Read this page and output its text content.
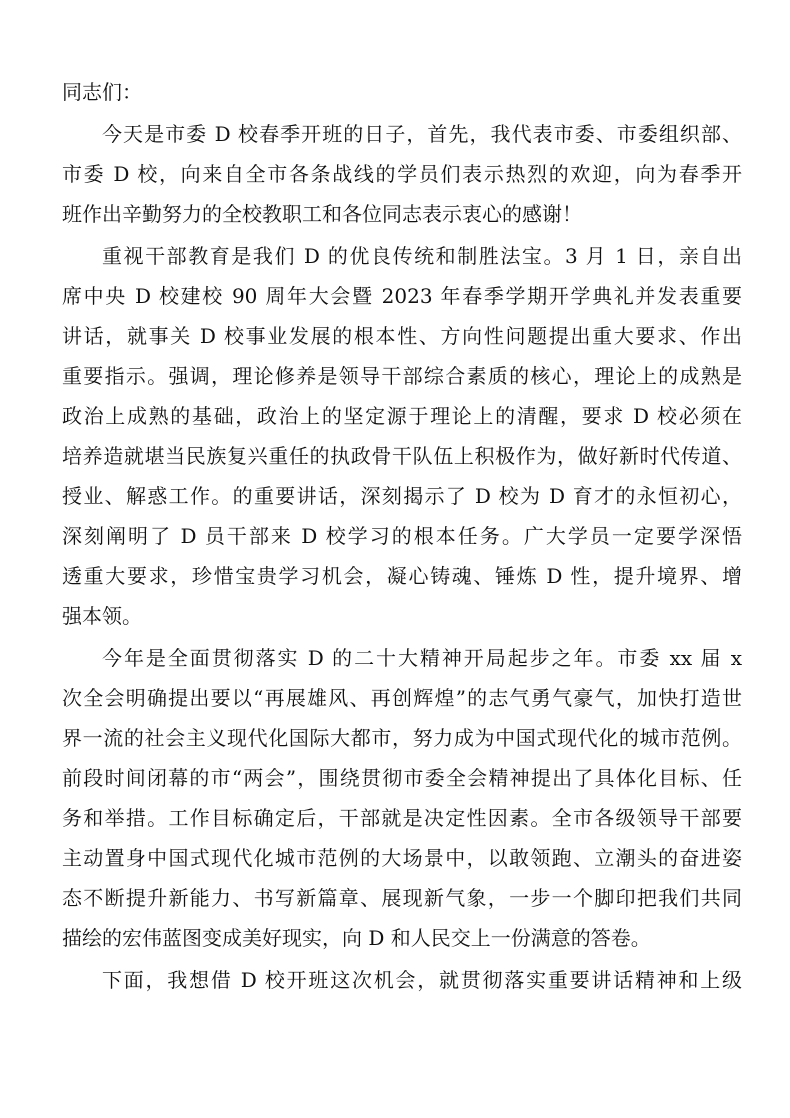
同志们：
今天是市委 D 校春季开班的日子，首先，我代表市委、市委组织部、
市委 D 校，向来自全市各条战线的学员们表示热烈的欢迎，向为春季开
班作出辛勤努力的全校教职工和各位同志表示衷心的感谢！
重视干部教育是我们 D 的优良传统和制胜法宝。3 月 1 日，亲自出
席中央 D 校建校 90 周年大会暨 2023 年春季学期开学典礼并发表重要
讲话，就事关 D 校事业发展的根本性、方向性问题提出重大要求、作出
重要指示。强调，理论修养是领导干部综合素质的核心，理论上的成熟是
政治上成熟的基础，政治上的坚定源于理论上的清醒，要求 D 校必须在
培养造就堪当民族复兴重任的执政骨干队伍上积极作为，做好新时代传道、
授业、解惑工作。的重要讲话，深刻揭示了 D 校为 D 育才的永恒初心，
深刻阐明了 D 员干部来 D 校学习的根本任务。广大学员一定要学深悟
透重大要求，珍惜宝贵学习机会，凝心铸魂、锤炼 D 性，提升境界、增
强本领。
今年是全面贯彻落实 D 的二十大精神开局起步之年。市委 xx 届 x
次全会明确提出要以“再展雄风、再创辉煌”的志气勇气豪气，加快打造世
界一流的社会主义现代化国际大都市，努力成为中国式现代化的城市范例。
前段时间闭幕的市“两会”，围绕贯彻市委全会精神提出了具体化目标、任
务和举措。工作目标确定后，干部就是决定性因素。全市各级领导干部要
主动置身中国式现代化城市范例的大场景中，以敢领跑、立潮头的奋进姿
态不断提升新能力、书写新篇章、展现新气象，一步一个脚印把我们共同
描绘的宏伟蓝图变成美好现实，向 D 和人民交上一份满意的答卷。
下面，我想借 D 校开班这次机会，就贯彻落实重要讲话精神和上级
